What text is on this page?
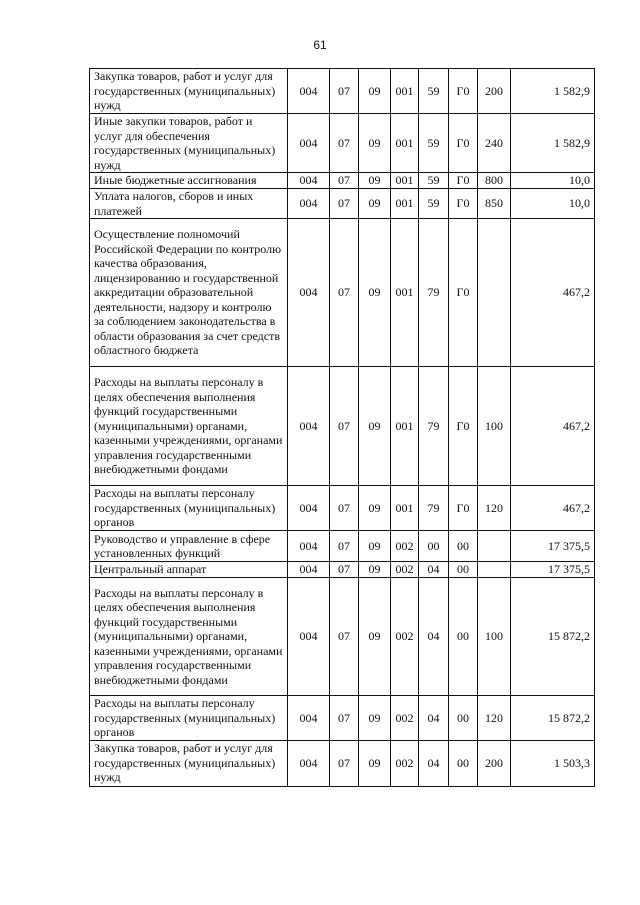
61
Закупка товаров, работ и услуг для государственных (муниципальных) нужд	004	07	09	001	59	Г0	200	1 582,9
Иные закупки товаров, работ и услуг для обеспечения государственных (муниципальных) нужд	004	07	09	001	59	Г0	240	1 582,9
Иные бюджетные ассигнования	004	07	09	001	59	Г0	800	10,0
Уплата налогов, сборов и иных платежей	004	07	09	001	59	Г0	850	10,0
Осуществление полномочий Российской Федерации по контролю качества образования, лицензированию и государственной аккредитации образовательной деятельности, надзору и контролю за соблюдением законодательства в области образования за счет средств областного бюджета	004	07	09	001	79	Г0		467,2
Расходы на выплаты персоналу в целях обеспечения выполнения функций государственными (муниципальными) органами, казенными учреждениями, органами управления государственными внебюджетными фондами	004	07	09	001	79	Г0	100	467,2
Расходы на выплаты персоналу государственных (муниципальных) органов	004	07	09	001	79	Г0	120	467,2
Руководство и управление в сфере установленных функций	004	07	09	002	00	00		17 375,5
Центральный аппарат	004	07	09	002	04	00		17 375,5
Расходы на выплаты персоналу в целях обеспечения выполнения функций государственными (муниципальными) органами, казенными учреждениями, органами управления государственными внебюджетными фондами	004	07	09	002	04	00	100	15 872,2
Расходы на выплаты персоналу государственных (муниципальных) органов	004	07	09	002	04	00	120	15 872,2
Закупка товаров, работ и услуг для государственных (муниципальных) нужд	004	07	09	002	04	00	200	1 503,3
